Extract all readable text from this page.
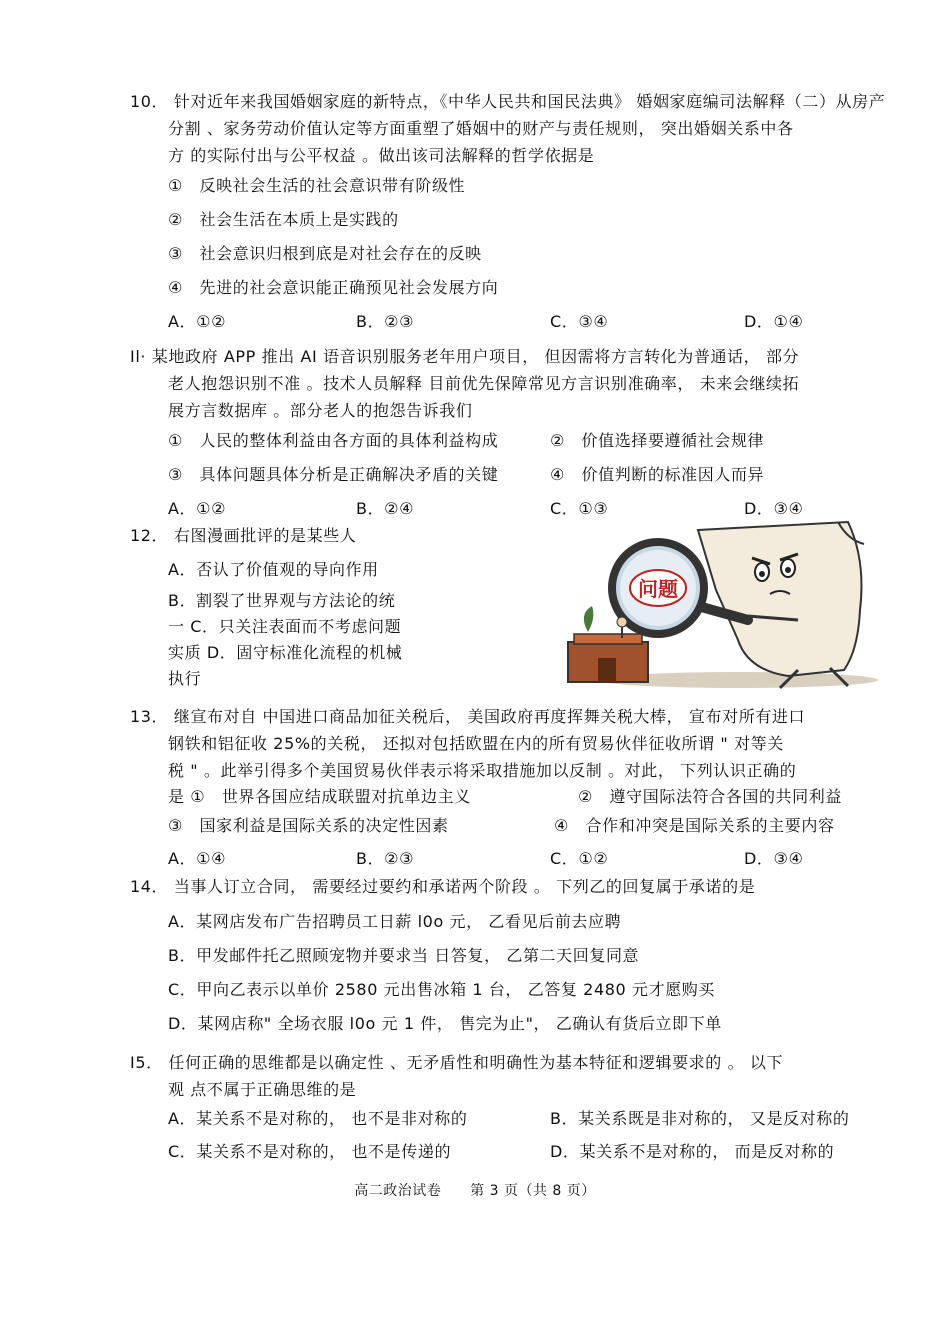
10． 针对近年来我国婚姻家庭的新特点，《中华人民共和国民法典》 婚姻家庭编司法解释（二）从房产
分割 、家务劳动价值认定等方面重塑了婚姻中的财产与责任规则， 突出婚姻关系中各
方 的实际付出与公平权益 。做出该司法解释的哲学依据是
①　反映社会生活的社会意识带有阶级性
②　社会生活在本质上是实践的
③　社会意识归根到底是对社会存在的反映
④　先进的社会意识能正确预见社会发展方向
A．①②	B．②③	C．③④	D．①④
Il· 某地政府 APP 推出 AI 语音识别服务老年用户项目， 但因需将方言转化为普通话， 部分
老人抱怨识别不准 。技术人员解释 目前优先保障常见方言识别准确率， 未来会继续拓
展方言数据库 。部分老人的抱怨告诉我们
①　人民的整体利益由各方面的具体利益构成	②　价值选择要遵循社会规律
③　具体问题具体分析是正确解决矛盾的关键	④　价值判断的标准因人而异
A．①②	B．②④	C．①③	D．③④
12． 右图漫画批评的是某些人
A．否认了价值观的导向作用
B．割裂了世界观与方法论的统
一 C．只关注表面而不考虑问题
实质 D．固守标准化流程的机械
执行
问题
13． 继宣布对自 中国进口商品加征关税后， 美国政府再度挥舞关税大棒， 宣布对所有进口
钢铁和铝征收 25%的关税， 还拟对包括欧盟在内的所有贸易伙伴征收所谓 " 对等关
税 " 。此举引得多个美国贸易伙伴表示将采取措施加以反制 。对此， 下列认识正确的
是 ①　世界各国应结成联盟对抗单边主义	②　遵守国际法符合各国的共同利益
③　国家利益是国际关系的决定性因素	④　合作和冲突是国际关系的主要内容
A．①④	B．②③	C．①②	D．③④
14． 当事人订立合同， 需要经过要约和承诺两个阶段 。 下列乙的回复属于承诺的是
A．某网店发布广告招聘员工日薪 l0o 元， 乙看见后前去应聘
B．甲发邮件托乙照顾宠物并要求当 日答复， 乙第二天回复同意
C．甲向乙表示以单价 2580 元出售冰箱 1 台， 乙答复 2480 元才愿购买
D．某网店称" 全场衣服 l0o 元 1 件， 售完为止"， 乙确认有货后立即下单
I5． 任何正确的思维都是以确定性 、无矛盾性和明确性为基本特征和逻辑要求的 。 以下
观 点不属于正确思维的是
A．某关系不是对称的， 也不是非对称的	B．某关系既是非对称的， 又是反对称的
C．某关系不是对称的， 也不是传递的	D．某关系不是对称的， 而是反对称的
高二政治试卷 第 3 页（共 8 页）
